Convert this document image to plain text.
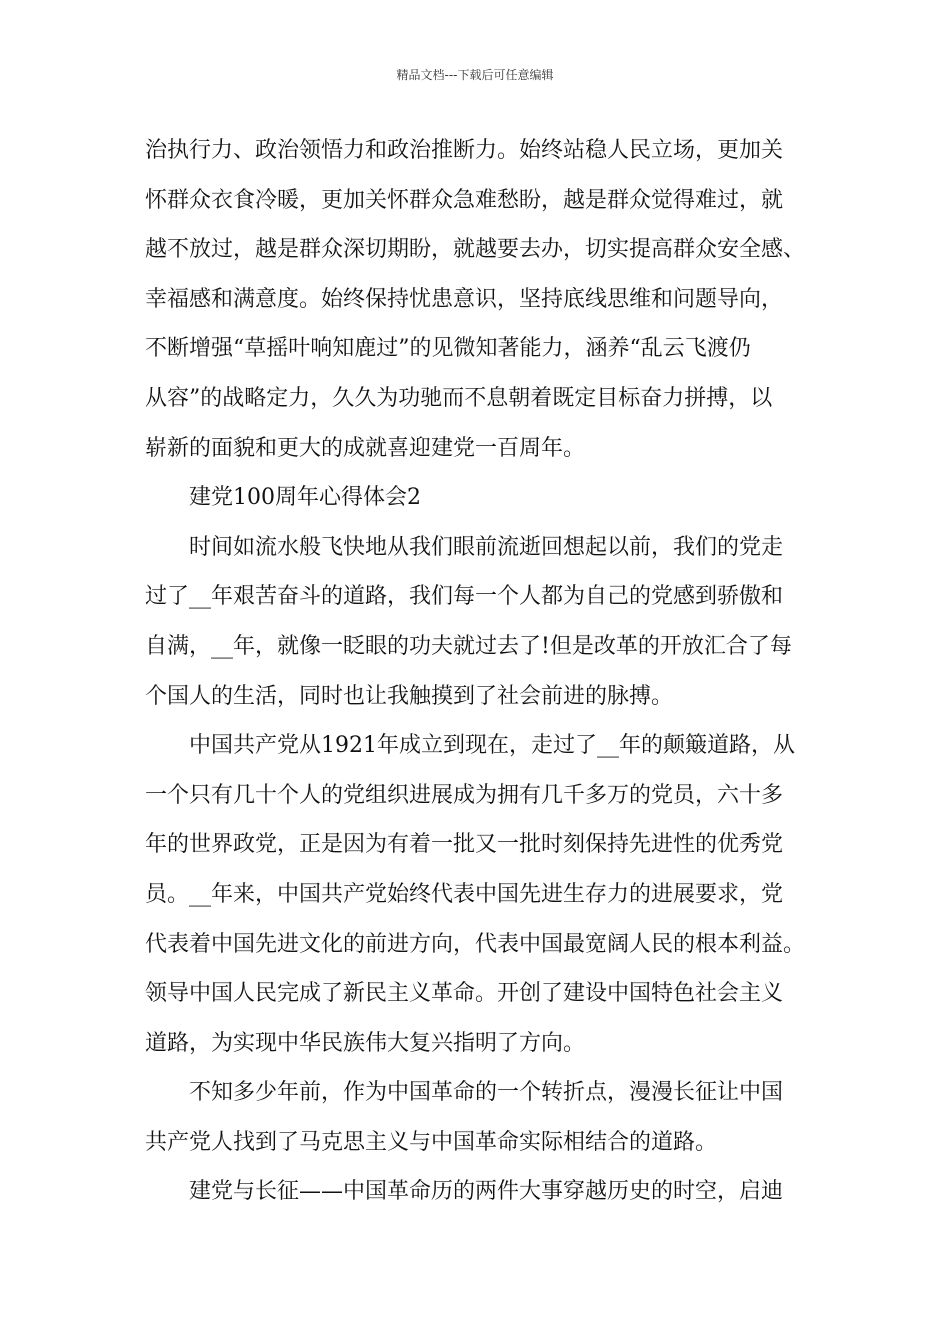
精品文档---下载后可任意编辑

治执行力、政治领悟力和政治推断力。始终站稳人民立场，更加关
怀群众衣食冷暖，更加关怀群众急难愁盼，越是群众觉得难过，就
越不放过，越是群众深切期盼，就越要去办，切实提高群众安全感、
幸福感和满意度。始终保持忧患意识，坚持底线思维和问题导向，
不断增强“草摇叶响知鹿过”的见微知著能力，涵养“乱云飞渡仍
从容”的战略定力，久久为功驰而不息朝着既定目标奋力拼搏，以
崭新的面貌和更大的成就喜迎建党一百周年。

建党100周年心得体会2

时间如流水般飞快地从我们眼前流逝回想起以前，我们的党走
过了__年艰苦奋斗的道路，我们每一个人都为自己的党感到骄傲和
自满，__年，就像一眨眼的功夫就过去了!但是改革的开放汇合了每
个国人的生活，同时也让我触摸到了社会前进的脉搏。

中国共产党从1921年成立到现在，走过了__年的颠簸道路，从
一个只有几十个人的党组织进展成为拥有几千多万的党员，六十多
年的世界政党，正是因为有着一批又一批时刻保持先进性的优秀党
员。__年来，中国共产党始终代表中国先进生存力的进展要求，党
代表着中国先进文化的前进方向，代表中国最宽阔人民的根本利益。
领导中国人民完成了新民主义革命。开创了建设中国特色社会主义
道路，为实现中华民族伟大复兴指明了方向。

不知多少年前，作为中国革命的一个转折点，漫漫长征让中国
共产党人找到了马克思主义与中国革命实际相结合的道路。

建党与长征——中国革命历的两件大事穿越历史的时空，启迪
